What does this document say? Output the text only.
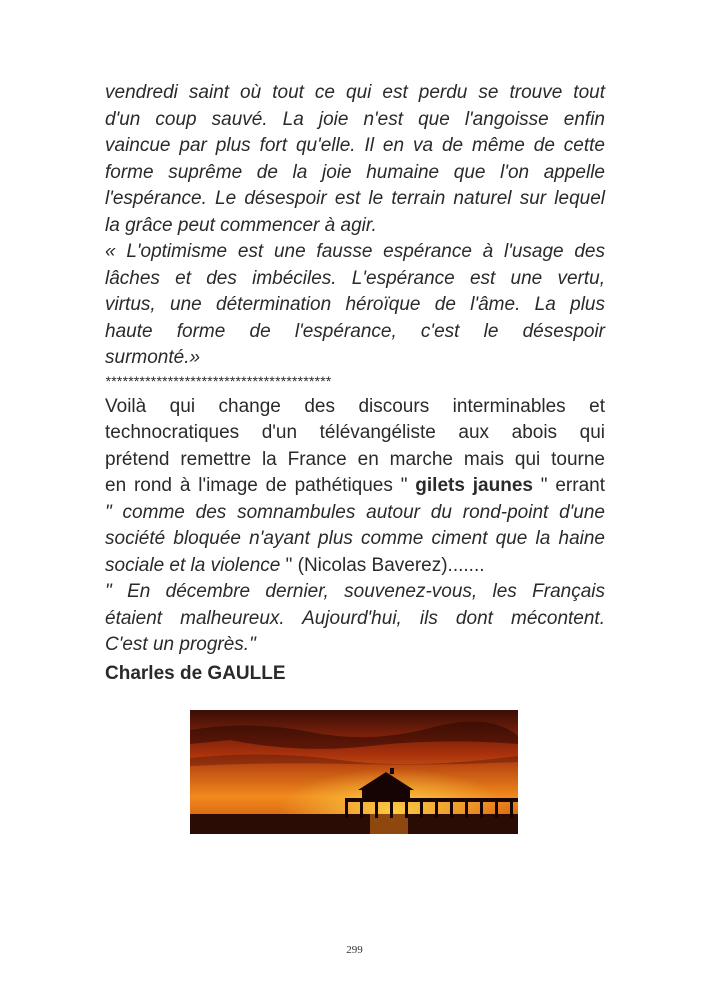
vendredi saint où tout ce qui est perdu se trouve tout
d'un coup sauvé. La joie n'est que l'angoisse enfin
vaincue par plus fort qu'elle. Il en va de même de cette
forme suprême de la joie humaine que l'on appelle
l'espérance. Le désespoir est le terrain naturel sur lequel
la grâce peut commencer à agir.
« L'optimisme est une fausse espérance à l'usage des
lâches et des imbéciles. L'espérance est une vertu,
virtus, une détermination héroïque de l'âme. La plus
haute forme de l'espérance, c'est le désespoir
surmonté.»
****************************************
Voilà qui change des discours interminables et
technocratiques d'un télévangéliste aux abois qui
prétend remettre la France en marche mais qui tourne
en rond à l'image de pathétiques " gilets jaunes " errant
" comme des somnambules autour du rond-point d'une
société bloquée n'ayant plus comme ciment que la haine
sociale et la violence " (Nicolas Baverez).......
" En décembre dernier, souvenez-vous, les Français
étaient malheureux. Aujourd'hui, ils dont mécontent.
C'est un progrès."
Charles de GAULLE
299
